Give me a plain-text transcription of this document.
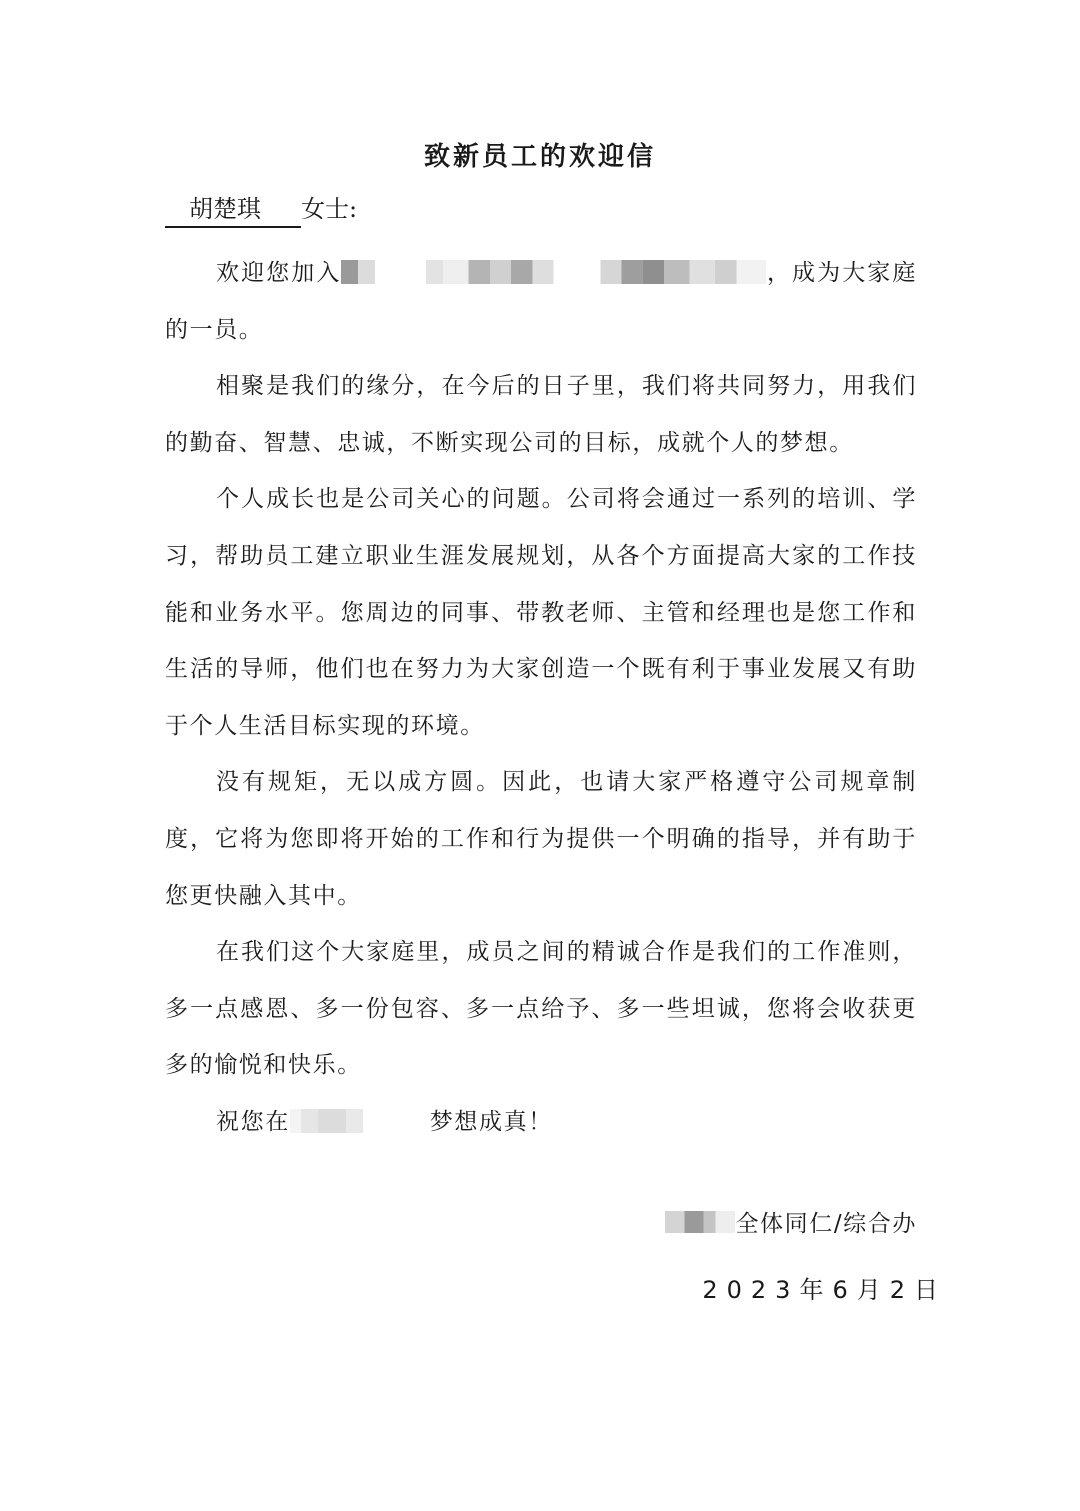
致新员工的欢迎信
胡楚琪 女士:

欢迎您加入	，成为大家庭的一员。

相聚是我们的缘分，在今后的日子里，我们将共同努力，用我们的勤奋、智慧、忠诚，不断实现公司的目标，成就个人的梦想。

个人成长也是公司关心的问题。公司将会通过一系列的培训、学习，帮助员工建立职业生涯发展规划，从各个方面提高大家的工作技能和业务水平。您周边的同事、带教老师、主管和经理也是您工作和生活的导师，他们也在努力为大家创造一个既有利于事业发展又有助于个人生活目标实现的环境。

没有规矩，无以成方圆。因此，也请大家严格遵守公司规章制度，它将为您即将开始的工作和行为提供一个明确的指导，并有助于您更快融入其中。

在我们这个大家庭里，成员之间的精诚合作是我们的工作准则，多一点感恩、多一份包容、多一点给予、多一些坦诚，您将会收获更多的愉悦和快乐。

祝您在	梦想成真！

全体同仁/综合办
2023年6月2日
